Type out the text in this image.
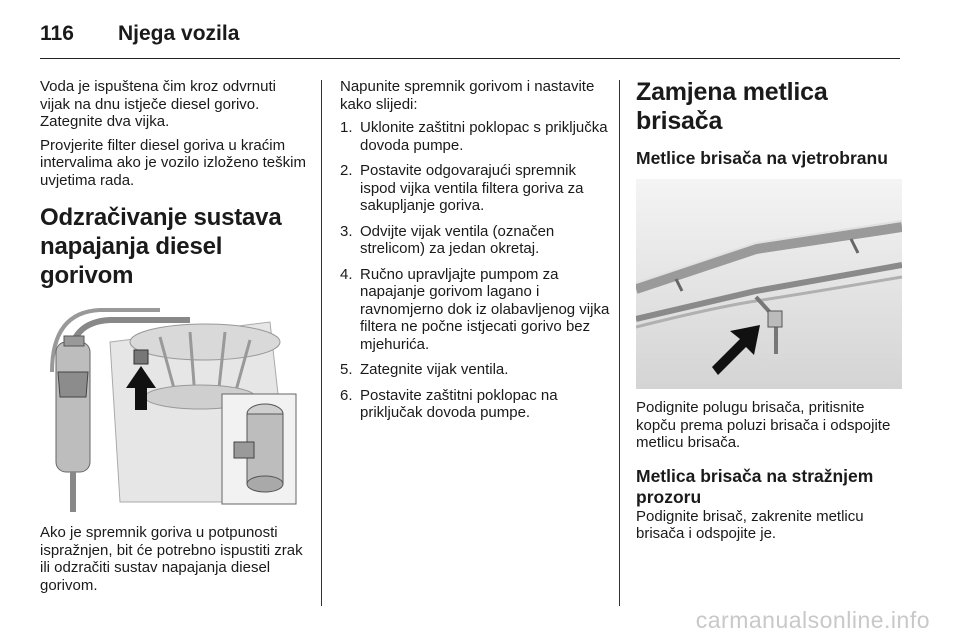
116 Njega vozila

Voda je ispuštena čim kroz odvrnuti vijak na dnu istječe diesel gorivo. Zategnite dva vijka.

Provjerite filter diesel goriva u kraćim intervalima ako je vozilo izloženo teškim uvjetima rada.

Odzračivanje sustava napajanja diesel gorivom

Ako je spremnik goriva u potpunosti ispražnjen, bit će potrebno ispustiti zrak ili odzračiti sustav napajanja diesel gorivom.

Napunite spremnik gorivom i nastavite kako slijedi:

1. Uklonite zaštitni poklopac s priključka dovoda pumpe.
2. Postavite odgovarajući spremnik ispod vijka ventila filtera goriva za sakupljanje goriva.
3. Odvijte vijak ventila (označen strelicom) za jedan okretaj.
4. Ručno upravljajte pumpom za napajanje gorivom lagano i ravnomjerno dok iz olabavljenog vijka filtera ne počne istjecati gorivo bez mjehurića.
5. Zategnite vijak ventila.
6. Postavite zaštitni poklopac na priključak dovoda pumpe.
Zamjena metlica brisača
Metlice brisača na vjetrobranu

Podignite polugu brisača, pritisnite kopču prema poluzi brisača i odspojite metlicu brisača.

Metlica brisača na stražnjem prozoru

Podignite brisač, zakrenite metlicu brisača i odspojite je.

carmanualsonline.info
